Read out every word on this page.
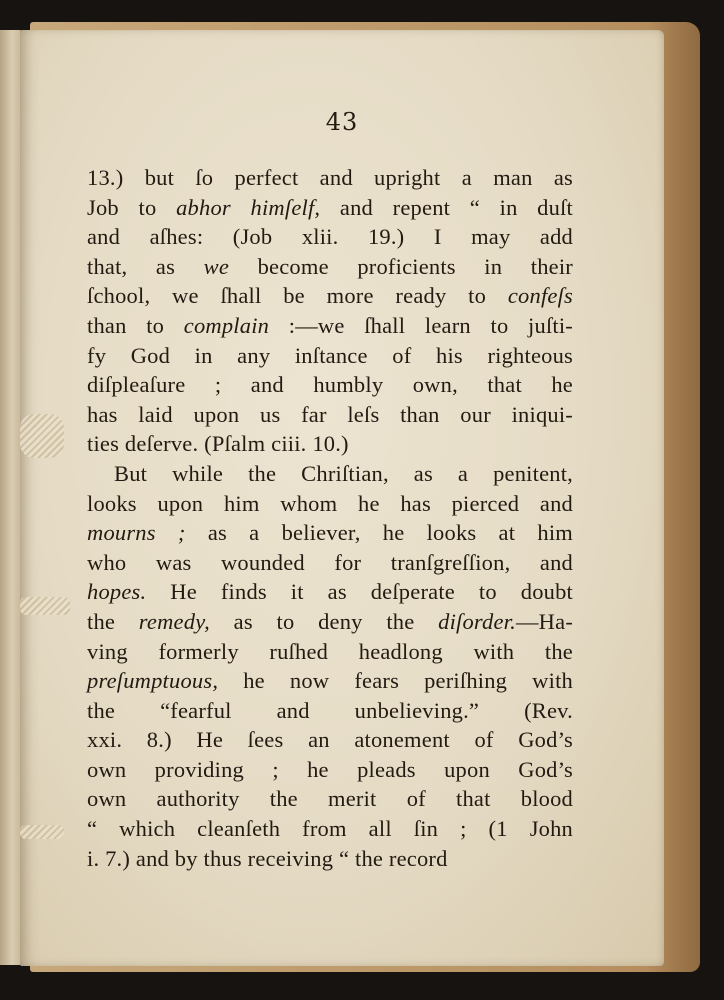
43
13.) but ſo perfect and upright a man as
Job to abhor himſelf, and repent “ in duſt
and aſhes: (Job xlii. 19.) I may add
that, as we become proficients in their
ſchool, we ſhall be more ready to confeſs
than to complain :—we ſhall learn to juſti-
fy God in any inſtance of his righteous
diſpleaſure ; and humbly own, that he
has laid upon us far leſs than our iniqui-
ties deſerve. (Pſalm ciii. 10.)
But while the Chriſtian, as a penitent,
looks upon him whom he has pierced and
mourns ; as a believer, he looks at him
who was wounded for tranſgreſſion, and
hopes. He finds it as deſperate to doubt
the remedy, as to deny the diſorder.—Ha-
ving formerly ruſhed headlong with the
preſumptuous, he now fears periſhing with
the “fearful and unbelieving.” (Rev.
xxi. 8.) He ſees an atonement of God’s
own providing ; he pleads upon God’s
own authority the merit of that blood
“ which cleanſeth from all ſin ; (1 John
i. 7.) and by thus receiving “ the record
